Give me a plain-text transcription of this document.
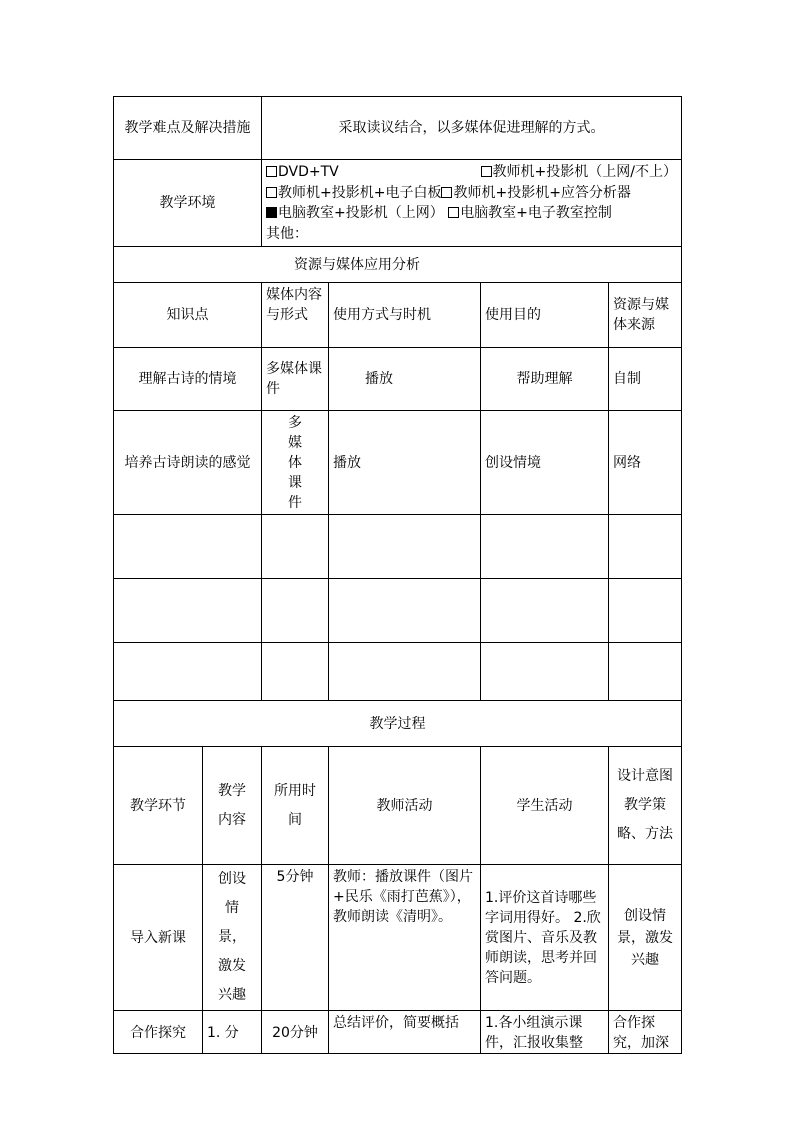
教学难点及解决措施		采取读议结合，以多媒体促进理解的方式。			
教学环境		DVD+TV 教师机+投影机（上网/不上）
教师机+投影机+电子白板 教师机+投影机+应答分析器
电脑教室+投影机（上网） 电脑教室+电子教室控制
其他：			

资源与媒体应用分析					
知识点		媒体内容与形式	使用方式与时机	使用目的	资源与媒体来源
理解古诗的情境		多媒体课件	播放	帮助理解	自制
培养古诗朗读的感觉		多媒体课件	播放	创设情境	网络

教学过程					
教学环节	教学内容	所用时间	教师活动	学生活动	设计意图教学策略、方法
导入新课	创设情景，激发兴趣	5分钟	教师：播放课件（图片+民乐《雨打芭蕉》），教师朗读《清明》。	1.评价这首诗哪些字词用得好。 2.欣赏图片、音乐及教师朗读，思考并回答问题。	创设情景，激发兴趣
合作探究	1. 分	20分钟	总结评价，简要概括	1.各小组演示课件，汇报收集整	合作探究，加深
